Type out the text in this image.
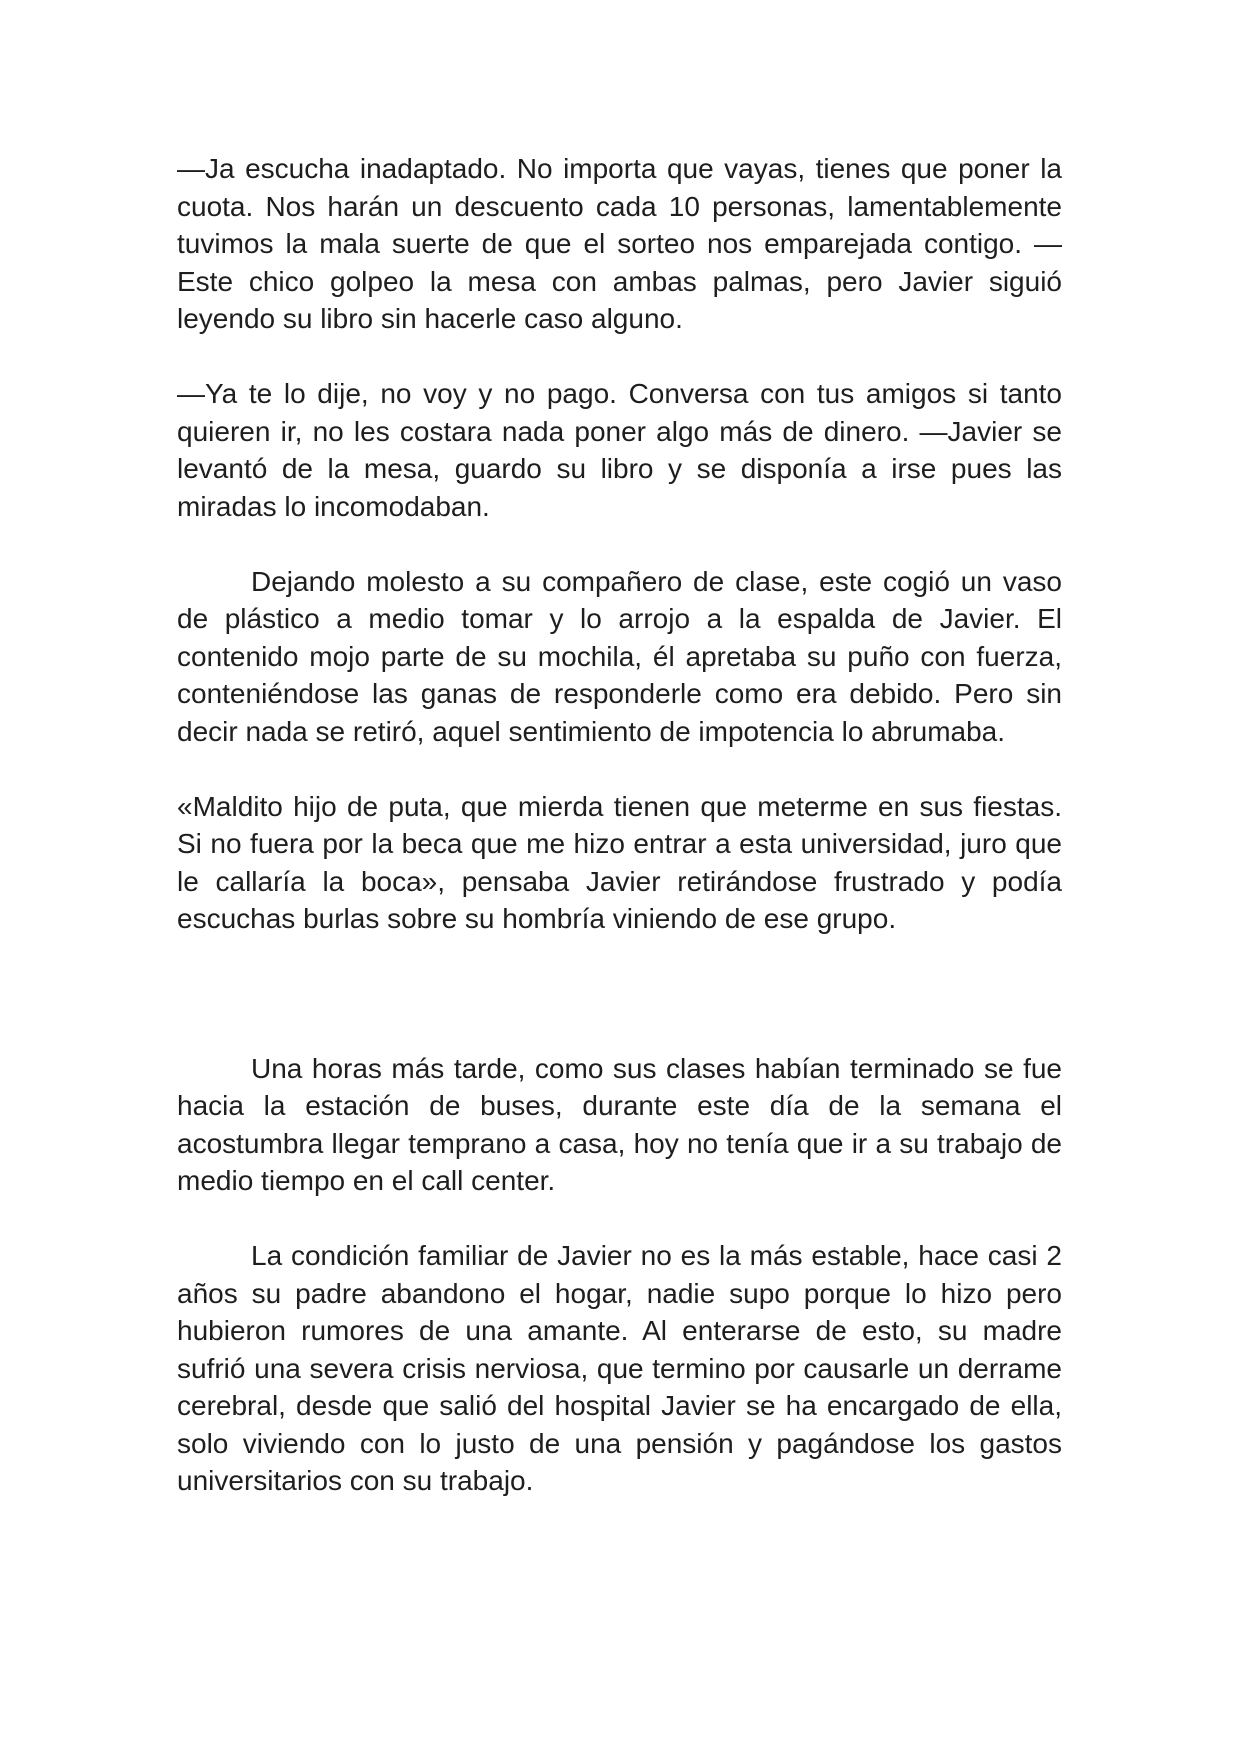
—Ja escucha inadaptado. No importa que vayas, tienes que poner la cuota. Nos harán un descuento cada 10 personas, lamentablemente tuvimos la mala suerte de que el sorteo nos emparejada contigo. —Este chico golpeo la mesa con ambas palmas, pero Javier siguió leyendo su libro sin hacerle caso alguno.

—Ya te lo dije, no voy y no pago. Conversa con tus amigos si tanto quieren ir, no les costara nada poner algo más de dinero. —Javier se levantó de la mesa, guardo su libro y se disponía a irse pues las miradas lo incomodaban.

Dejando molesto a su compañero de clase, este cogió un vaso de plástico a medio tomar y lo arrojo a la espalda de Javier. El contenido mojo parte de su mochila, él apretaba su puño con fuerza, conteniéndose las ganas de responderle como era debido. Pero sin decir nada se retiró, aquel sentimiento de impotencia lo abrumaba.

«Maldito hijo de puta, que mierda tienen que meterme en sus fiestas. Si no fuera por la beca que me hizo entrar a esta universidad, juro que le callaría la boca», pensaba Javier retirándose frustrado y podía escuchas burlas sobre su hombría viniendo de ese grupo.

Una horas más tarde, como sus clases habían terminado se fue hacia la estación de buses, durante este día de la semana el acostumbra llegar temprano a casa, hoy no tenía que ir a su trabajo de medio tiempo en el call center.

La condición familiar de Javier no es la más estable, hace casi 2 años su padre abandono el hogar, nadie supo porque lo hizo pero hubieron rumores de una amante. Al enterarse de esto, su madre sufrió una severa crisis nerviosa, que termino por causarle un derrame cerebral, desde que salió del hospital Javier se ha encargado de ella, solo viviendo con lo justo de una pensión y pagándose los gastos universitarios con su trabajo.
